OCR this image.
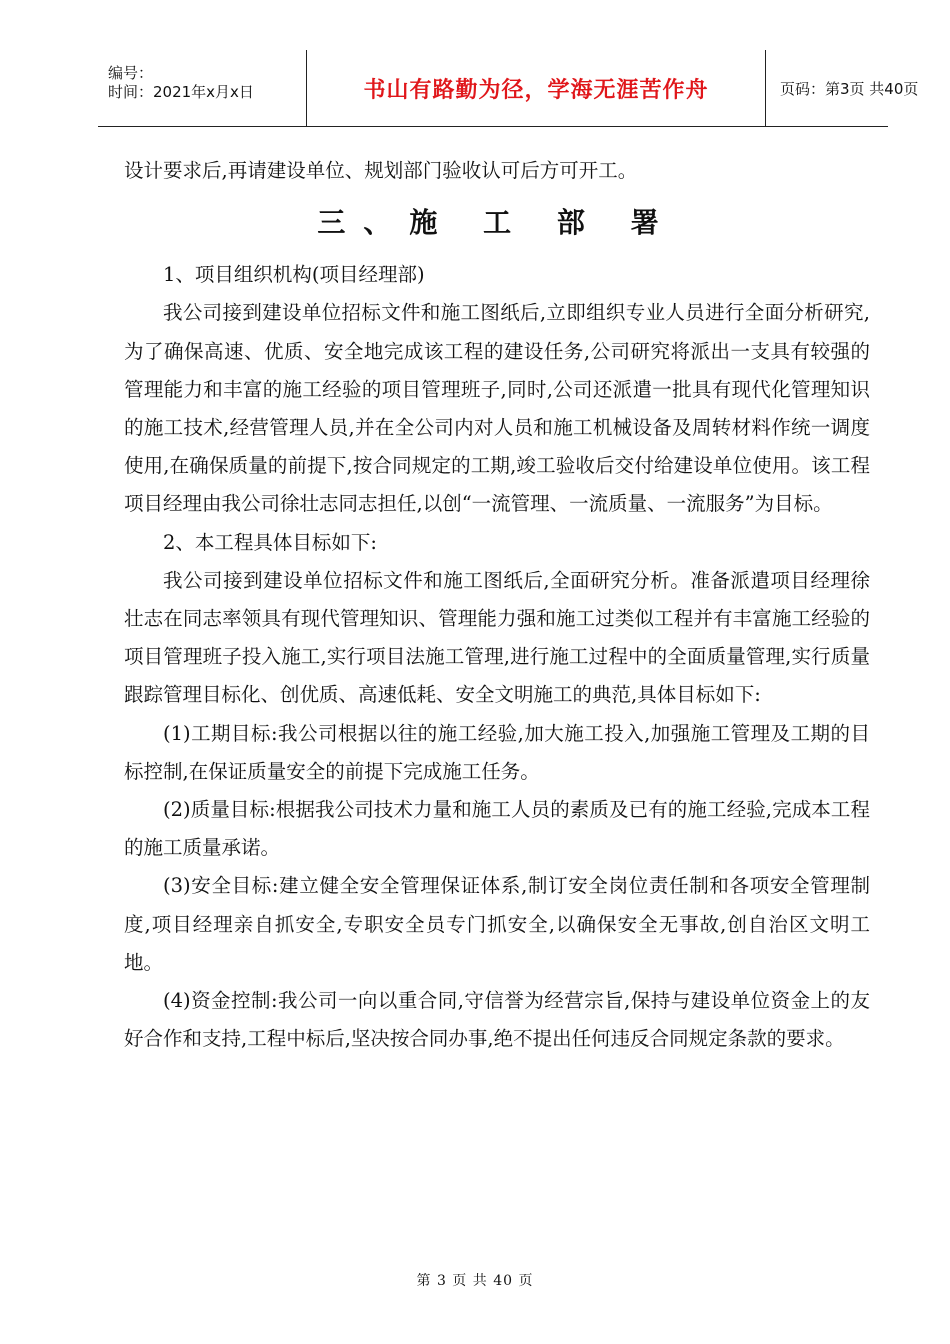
编号：
时间：2021年x月x日	书山有路勤为径，学海无涯苦作舟	页码：第3页 共40页

设计要求后,再请建设单位、规划部门验收认可后方可开工。

三、施 工 部 署

1、项目组织机构(项目经理部)

我公司接到建设单位招标文件和施工图纸后,立即组织专业人员进行全面分析研究,为了确保高速、优质、安全地完成该工程的建设任务,公司研究将派出一支具有较强的管理能力和丰富的施工经验的项目管理班子,同时,公司还派遣一批具有现代化管理知识的施工技术,经营管理人员,并在全公司内对人员和施工机械设备及周转材料作统一调度使用,在确保质量的前提下,按合同规定的工期,竣工验收后交付给建设单位使用。该工程项目经理由我公司徐壮志同志担任,以创“一流管理、一流质量、一流服务”为目标。

2、本工程具体目标如下:

我公司接到建设单位招标文件和施工图纸后,全面研究分析。准备派遣项目经理徐壮志在同志率领具有现代管理知识、管理能力强和施工过类似工程并有丰富施工经验的项目管理班子投入施工,实行项目法施工管理,进行施工过程中的全面质量管理,实行质量跟踪管理目标化、创优质、高速低耗、安全文明施工的典范,具体目标如下:

(1)工期目标:我公司根据以往的施工经验,加大施工投入,加强施工管理及工期的目标控制,在保证质量安全的前提下完成施工任务。

(2)质量目标:根据我公司技术力量和施工人员的素质及已有的施工经验,完成本工程的施工质量承诺。

(3)安全目标:建立健全安全管理保证体系,制订安全岗位责任制和各项安全管理制度,项目经理亲自抓安全,专职安全员专门抓安全,以确保安全无事故,创自治区文明工地。

(4)资金控制:我公司一向以重合同,守信誉为经营宗旨,保持与建设单位资金上的友好合作和支持,工程中标后,坚决按合同办事,绝不提出任何违反合同规定条款的要求。

第 3 页 共 40 页
